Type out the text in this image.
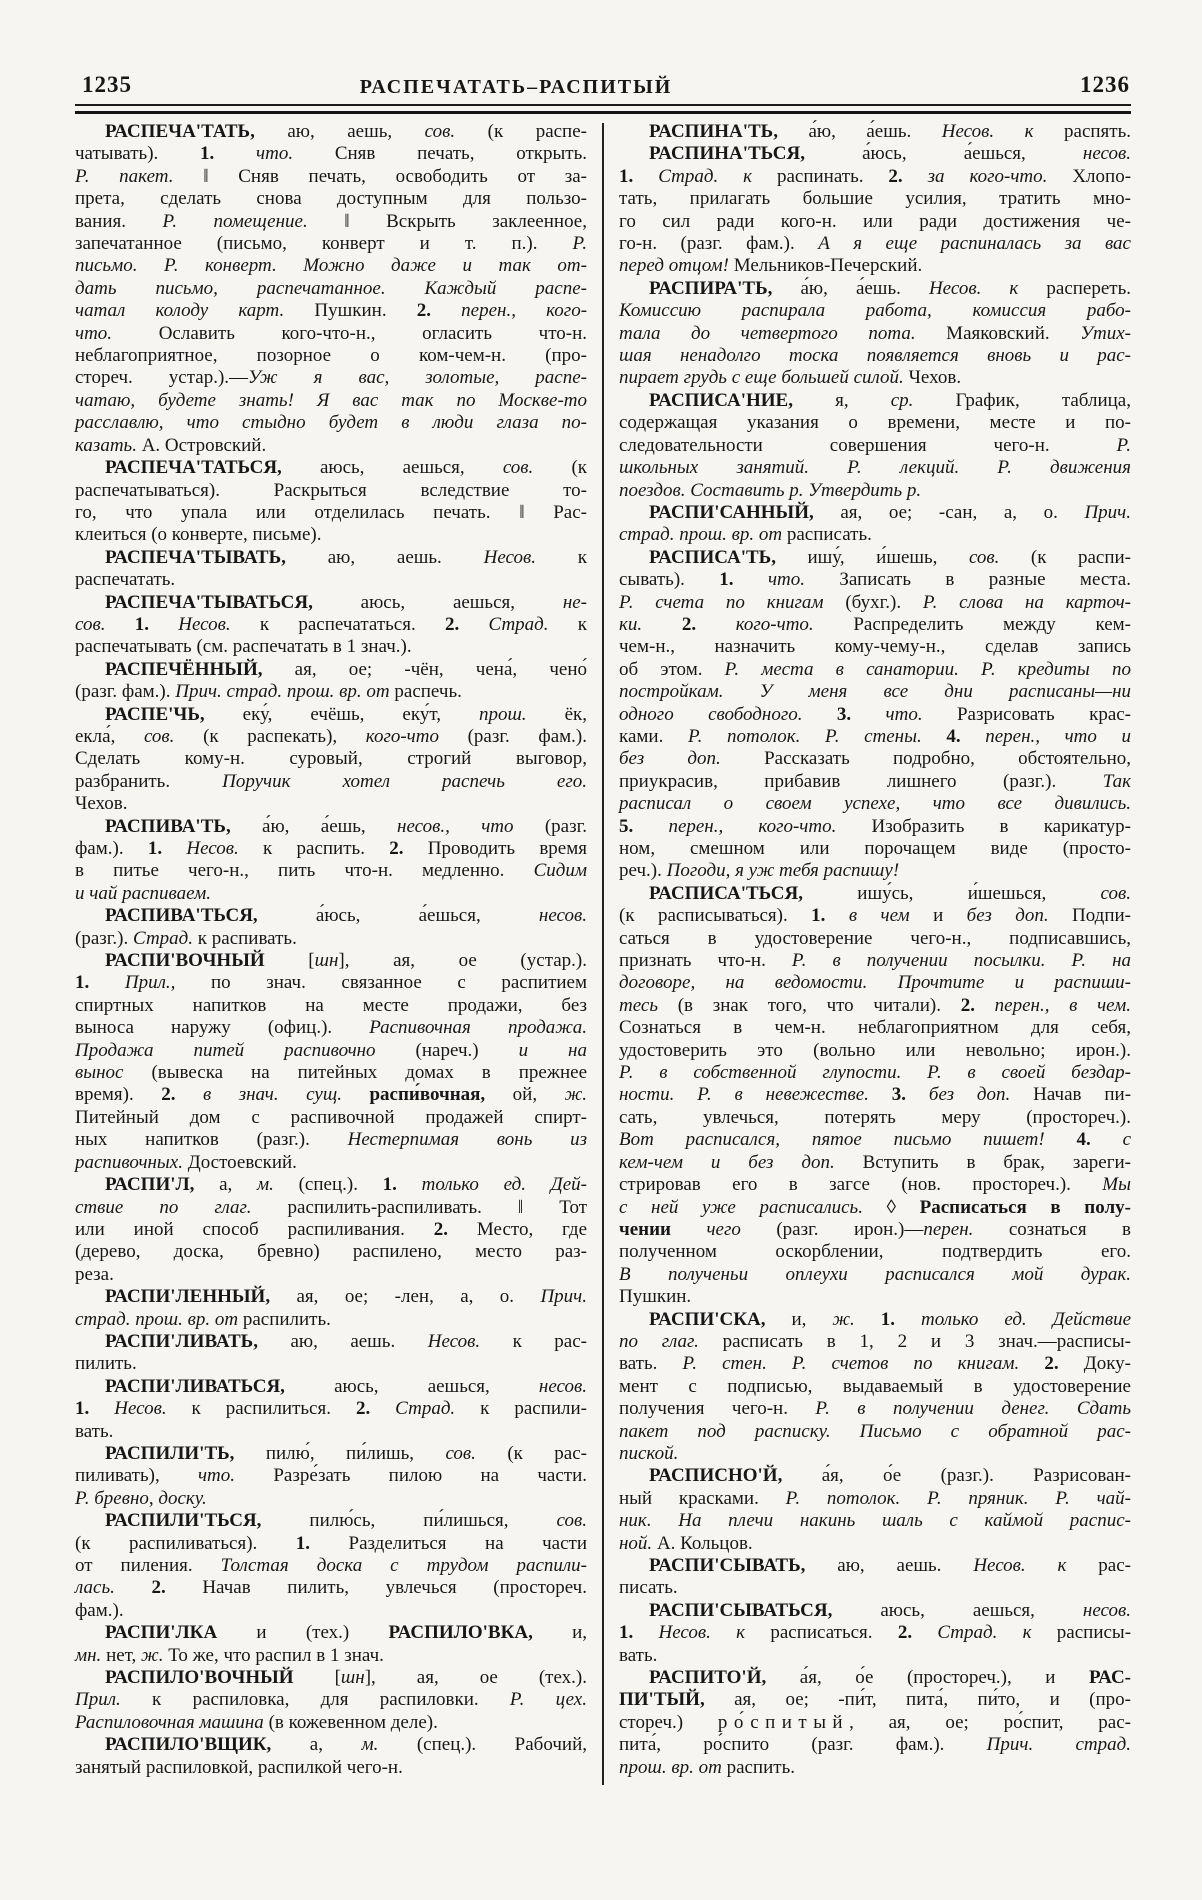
1235	РАСПЕЧАТАТЬ–РАСПИТЫЙ	1236
РАСПЕЧА'ТАТЬ, аю, аешь, сов. (к распе-
чатывать). 1. что. Сняв печать, открыть.
Р. пакет. ‖ Сняв печать, освободить от за-
прета, сделать снова доступным для пользо-
вания. Р. помещение. ‖ Вскрыть заклеенное,
запечатанное (письмо, конверт и т. п.). Р.
письмо. Р. конверт. Можно даже и так от-
дать письмо, распечатанное. Каждый распе-
чатал колоду карт. Пушкин. 2. перен., кого-
что. Ославить кого-что-н., огласить что-н.
неблагоприятное, позорное о ком-чем-н. (про-
стореч. устар.).—Уж я вас, золотые, распе-
чатаю, будете знать! Я вас так по Москве-то
расславлю, что стыдно будет в люди глаза по-
казать. А. Островский.
РАСПЕЧА'ТАТЬСЯ, аюсь, аешься, сов. (к
распечатываться). Раскрыться вследствие то-
го, что упала или отделилась печать. ‖ Рас-
клеиться (о конверте, письме).
РАСПЕЧА'ТЫВАТЬ, аю, аешь. Несов. к
распечатать.
РАСПЕЧА'ТЫВАТЬСЯ, аюсь, аешься, не-
сов. 1. Несов. к распечататься. 2. Страд. к
распечатывать (см. распечатать в 1 знач.).
РАСПЕЧЁННЫЙ, ая, ое; -чён, чена́, чено́
(разг. фам.). Прич. страд. прош. вр. от распечь.
РАСПЕ'ЧЬ, еку́, ечёшь, еку́т, прош. ёк,
екла́, сов. (к распекать), кого-что (разг. фам.).
Сделать кому-н. суровый, строгий выговор,
разбранить. Поручик хотел распечь его.
Чехов.
РАСПИВА'ТЬ, а́ю, а́ешь, несов., что (разг.
фам.). 1. Несов. к распить. 2. Проводить время
в питье чего-н., пить что-н. медленно. Сидим
и чай распиваем.
РАСПИВА'ТЬСЯ, а́юсь, а́ешься, несов.
(разг.). Страд. к распивать.
РАСПИ'ВОЧНЫЙ [шн], ая, ое (устар.).
1. Прил., по знач. связанное с распитием
спиртных напитков на месте продажи, без
выноса наружу (офиц.). Распивочная продажа.
Продажа питей распивочно (нареч.) и на
вынос (вывеска на питейных домах в прежнее
время). 2. в знач. сущ. распи́вочная, ой, ж.
Питейный дом с распивочной продажей спирт-
ных напитков (разг.). Нестерпимая вонь из
распивочных. Достоевский.
РАСПИ'Л, а, м. (спец.). 1. только ед. Дей-
ствие по глаг. распилить-распиливать. ‖ Тот
или иной способ распиливания. 2. Место, где
(дерево, доска, бревно) распилено, место раз-
реза.
РАСПИ'ЛЕННЫЙ, ая, ое; -лен, а, о. Прич.
страд. прош. вр. от распилить.
РАСПИ'ЛИВАТЬ, аю, аешь. Несов. к рас-
пилить.
РАСПИ'ЛИВАТЬСЯ, аюсь, аешься, несов.
1. Несов. к распилиться. 2. Страд. к распили-
вать.
РАСПИЛИ'ТЬ, пилю́, пи́лишь, сов. (к рас-
пиливать), что. Разре́зать пилою на части.
Р. бревно, доску.
РАСПИЛИ'ТЬСЯ, пилю́сь, пи́лишься, сов.
(к распиливаться). 1. Разделиться на части
от пиления. Толстая доска с трудом распили-
лась. 2. Начав пилить, увлечься (простореч.
фам.).
РАСПИ'ЛКА и (тех.) РАСПИЛО'ВКА, и,
мн. нет, ж. То же, что распил в 1 знач.
РАСПИЛО'ВОЧНЫЙ [шн], ая, ое (тех.).
Прил. к распиловка, для распиловки. Р. цех.
Распиловочная машина (в кожевенном деле).
РАСПИЛО'ВЩИК, а, м. (спец.). Рабочий,
занятый распиловкой, распилкой чего-н.
РАСПИНА'ТЬ, а́ю, а́ешь. Несов. к распять.
РАСПИНА'ТЬСЯ, а́юсь, а́ешься, несов.
1. Страд. к распинать. 2. за кого-что. Хлопо-
тать, прилагать большие усилия, тратить мно-
го сил ради кого-н. или ради достижения че-
го-н. (разг. фам.). А я еще распиналась за вас
перед отцом! Мельников-Печерский.
РАСПИРА'ТЬ, а́ю, а́ешь. Несов. к распереть.
Комиссию распирала работа, комиссия рабо-
тала до четвертого пота. Маяковский. Утих-
шая ненадолго тоска появляется вновь и рас-
пирает грудь с еще большей силой. Чехов.
РАСПИСА'НИЕ, я, ср. График, таблица,
содержащая указания о времени, месте и по-
следовательности совершения чего-н. Р.
школьных занятий. Р. лекций. Р. движения
поездов. Составить р. Утвердить р.
РАСПИ'САННЫЙ, ая, ое; -сан, а, о. Прич.
страд. прош. вр. от расписать.
РАСПИСА'ТЬ, ишу́, и́шешь, сов. (к распи-
сывать). 1. что. Записать в разные места.
Р. счета по книгам (бухг.). Р. слова на карточ-
ки. 2. кого-что. Распределить между кем-
чем-н., назначить кому-чему-н., сделав запись
об этом. Р. места в санатории. Р. кредиты по
постройкам. У меня все дни расписаны—ни
одного свободного. 3. что. Разрисовать крас-
ками. Р. потолок. Р. стены. 4. перен., что и
без доп. Рассказать подробно, обстоятельно,
приукрасив, прибавив лишнего (разг.). Так
расписал о своем успехе, что все дивились.
5. перен., кого-что. Изобразить в карикатур-
ном, смешном или порочащем виде (просто-
реч.). Погоди, я уж тебя распишу!
РАСПИСА'ТЬСЯ, ишу́сь, и́шешься, сов.
(к расписываться). 1. в чем и без доп. Подпи-
саться в удостоверение чего-н., подписавшись,
признать что-н. Р. в получении посылки. Р. на
договоре, на ведомости. Прочтите и распиши-
тесь (в знак того, что читали). 2. перен., в чем.
Сознаться в чем-н. неблагоприятном для себя,
удостоверить это (вольно или невольно; ирон.).
Р. в собственной глупости. Р. в своей бездар-
ности. Р. в невежестве. 3. без доп. Начав пи-
сать, увлечься, потерять меру (простореч.).
Вот расписался, пятое письмо пишет! 4. с
кем-чем и без доп. Вступить в брак, зареги-
стрировав его в загсе (нов. простореч.). Мы
с ней уже расписались. ◊ Расписаться в полу-
чении чего (разг. ирон.)—перен. сознаться в
полученном оскорблении, подтвердить его.
В полученьи оплеухи расписался мой дурак.
Пушкин.
РАСПИ'СКА, и, ж. 1. только ед. Действие
по глаг. расписать в 1, 2 и 3 знач.—расписы-
вать. Р. стен. Р. счетов по книгам. 2. Доку-
мент с подписью, выдаваемый в удостоверение
получения чего-н. Р. в получении денег. Сдать
пакет под расписку. Письмо с обратной рас-
пиской.
РАСПИСНО'Й, а́я, о́е (разг.). Разрисован-
ный красками. Р. потолок. Р. пряник. Р. чай-
ник. На плечи накинь шаль с каймой распис-
ной. А. Кольцов.
РАСПИ'СЫВАТЬ, аю, аешь. Несов. к рас-
писать.
РАСПИ'СЫВАТЬСЯ, аюсь, аешься, несов.
1. Несов. к расписаться. 2. Страд. к расписы-
вать.
РАСПИТО'Й, а́я, о́е (простореч.), и РАС-
ПИ'ТЫЙ, ая, ое; -пи́т, пита́, пи́то, и (про-
стореч.) ро́спитый, ая, ое; ро́спит, рас-
пита́, ро́спито (разг. фам.). Прич. страд.
прош. вр. от распить.
